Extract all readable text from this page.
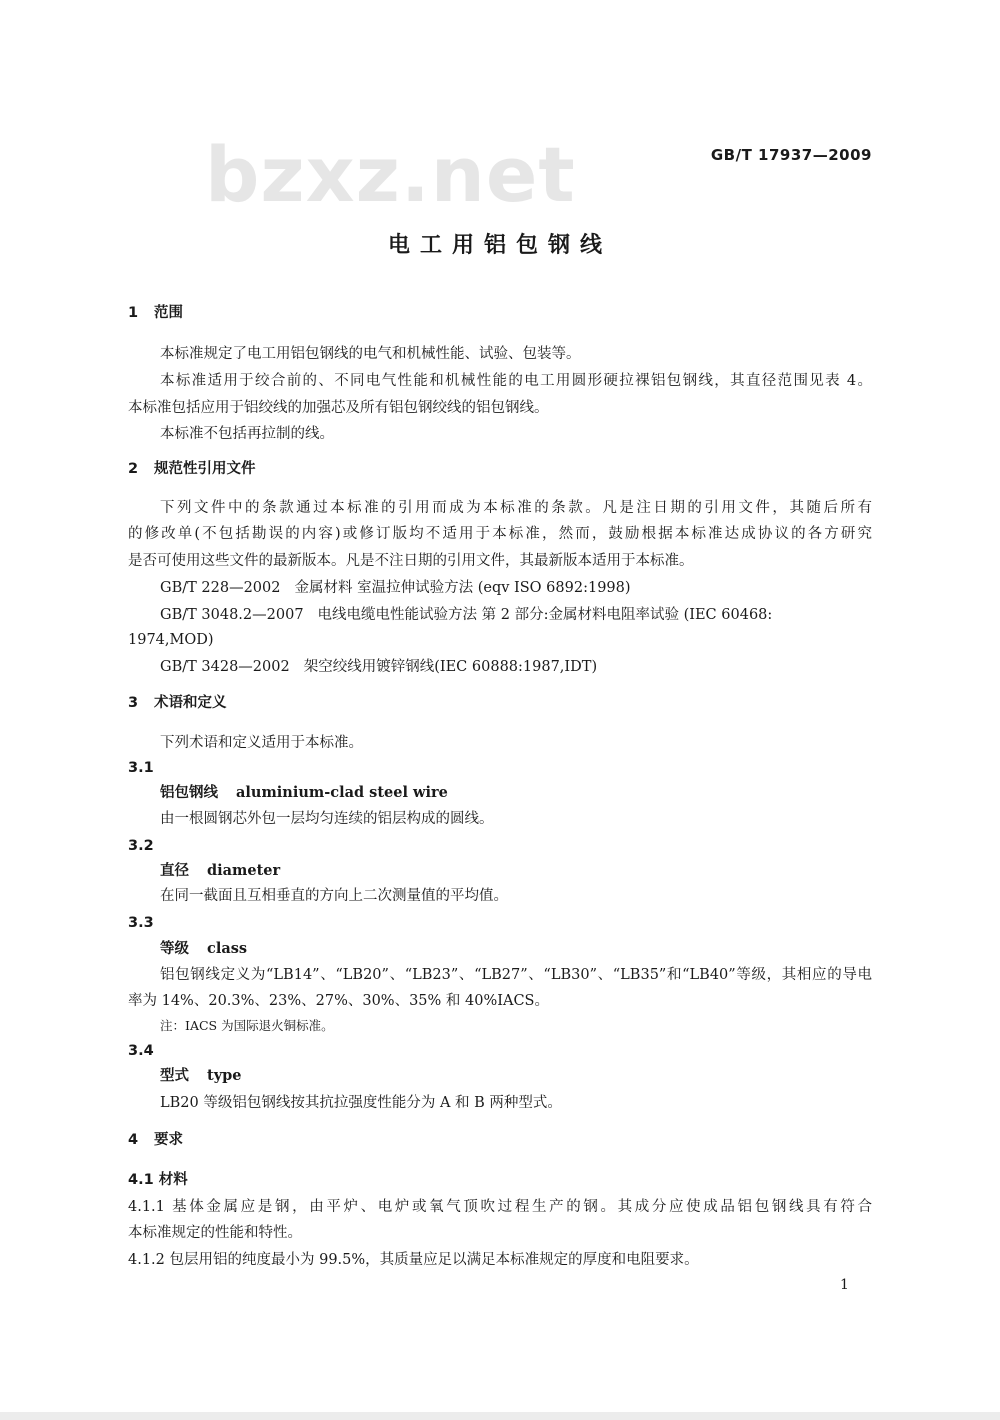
bzxz.net	GB/T 17937—2009
电工用铝包钢线
1 范围
本标准规定了电工用铝包钢线的电气和机械性能、试验、包装等。
本标准适用于绞合前的、不同电气性能和机械性能的电工用圆形硬拉裸铝包钢线，其直径范围见表 4。
本标准包括应用于铝绞线的加强芯及所有铝包钢绞线的铝包钢线。
本标准不包括再拉制的线。
2 规范性引用文件
下列文件中的条款通过本标准的引用而成为本标准的条款。凡是注日期的引用文件，其随后所有
的修改单(不包括勘误的内容)或修订版均不适用于本标准，然而，鼓励根据本标准达成协议的各方研究
是否可使用这些文件的最新版本。凡是不注日期的引用文件，其最新版本适用于本标准。
GB/T 228—2002 金属材料 室温拉伸试验方法 (eqv ISO 6892:1998)
GB/T 3048.2—2007 电线电缆电性能试验方法 第 2 部分:金属材料电阻率试验 (IEC 60468:
1974,MOD)
GB/T 3428—2002 架空绞线用镀锌钢线(IEC 60888:1987,IDT)
3 术语和定义
下列术语和定义适用于本标准。
3.1
铝包钢线 aluminium-clad steel wire
由一根圆钢芯外包一层均匀连续的铝层构成的圆线。
3.2
直径 diameter
在同一截面且互相垂直的方向上二次测量值的平均值。
3.3
等级 class
铝包钢线定义为“LB14”、“LB20”、“LB23”、“LB27”、“LB30”、“LB35”和“LB40”等级，其相应的导电
率为 14%、20.3%、23%、27%、30%、35% 和 40%IACS。
注：IACS 为国际退火铜标准。
3.4
型式 type
LB20 等级铝包钢线按其抗拉强度性能分为 A 和 B 两种型式。
4 要求
4.1 材料
4.1.1 基体金属应是钢，由平炉、电炉或氧气顶吹过程生产的钢。其成分应使成品铝包钢线具有符合
本标准规定的性能和特性。
4.1.2 包层用铝的纯度最小为 99.5%，其质量应足以满足本标准规定的厚度和电阻要求。
1
